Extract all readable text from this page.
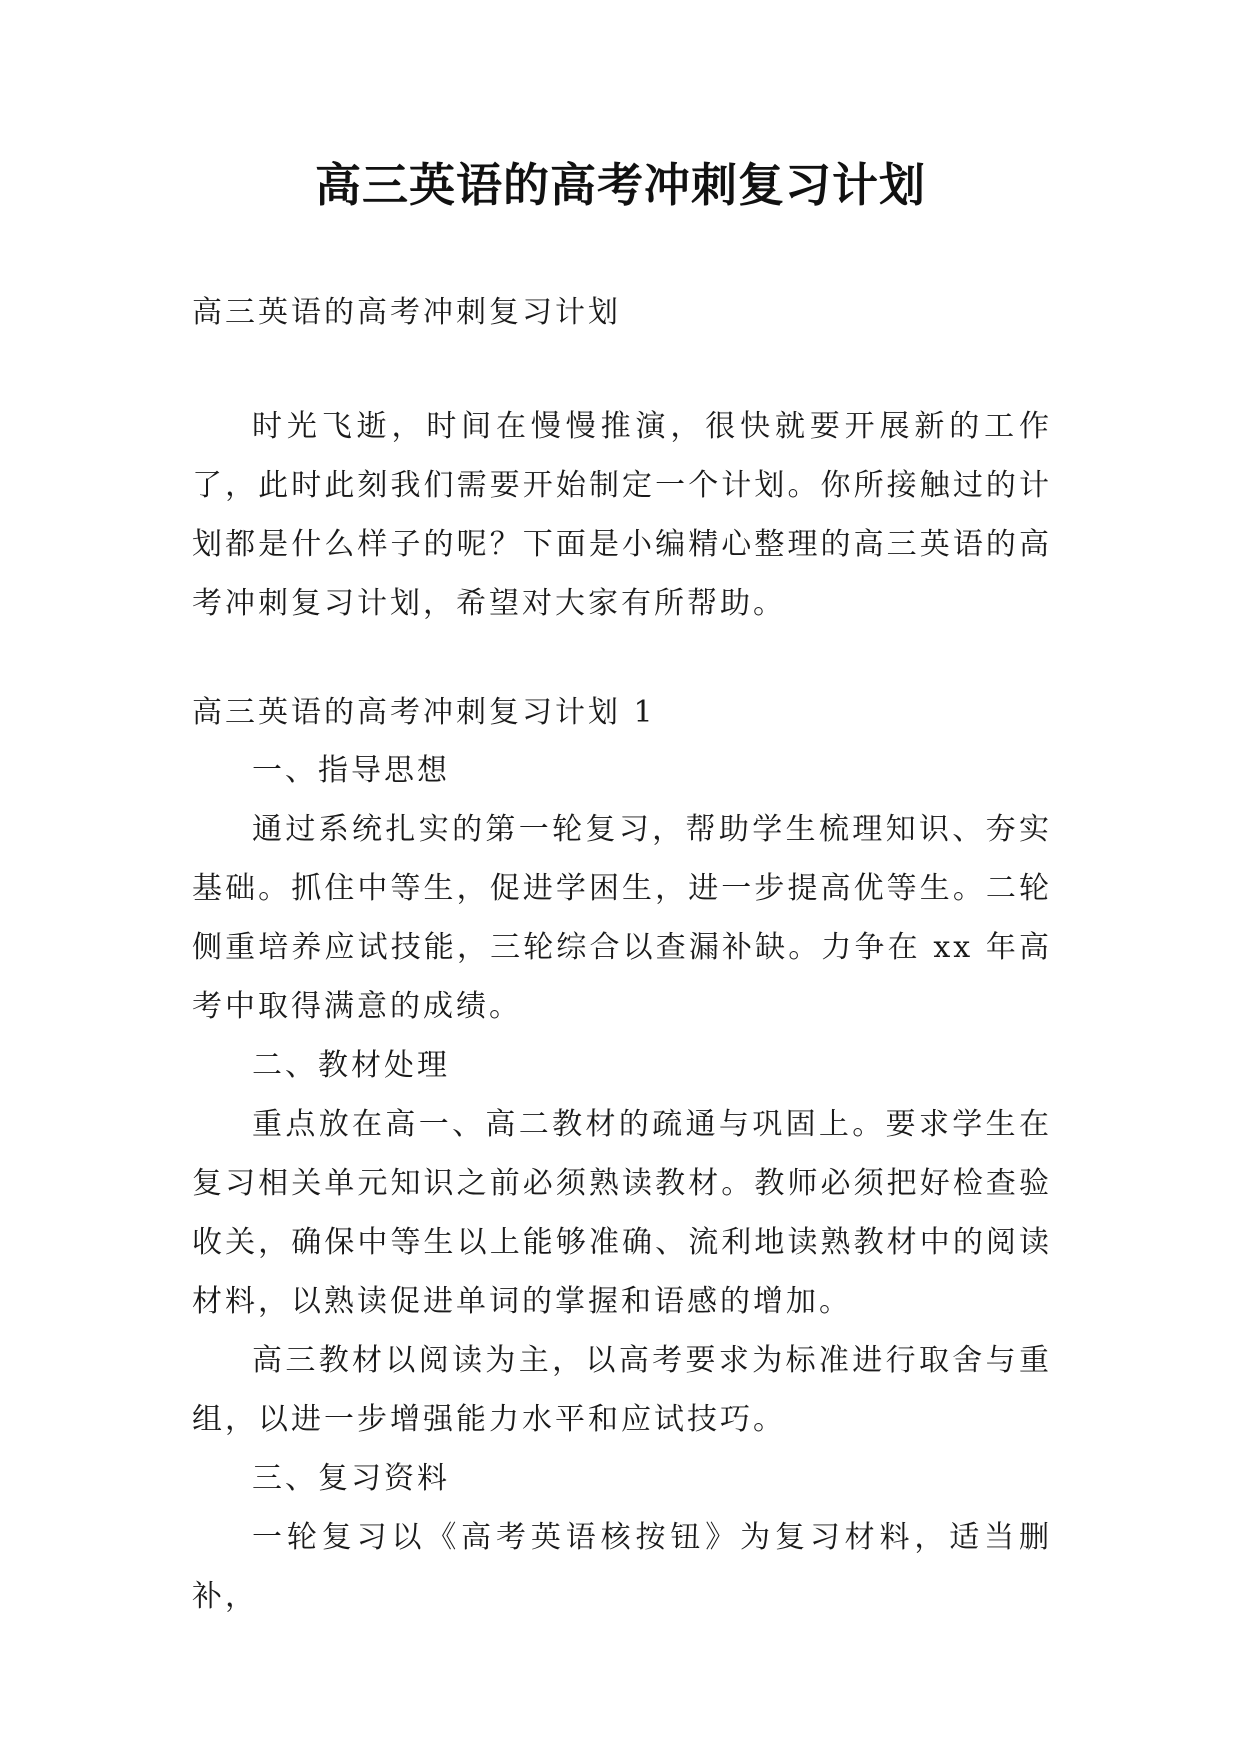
高三英语的高考冲刺复习计划

高三英语的高考冲刺复习计划

时光飞逝，时间在慢慢推演，很快就要开展新的工作了，此时此刻我们需要开始制定一个计划。你所接触过的计划都是什么样子的呢？下面是小编精心整理的高三英语的高考冲刺复习计划，希望对大家有所帮助。

高三英语的高考冲刺复习计划 1

一、指导思想

通过系统扎实的第一轮复习，帮助学生梳理知识、夯实基础。抓住中等生，促进学困生，进一步提高优等生。二轮侧重培养应试技能，三轮综合以查漏补缺。力争在 xx 年高考中取得满意的成绩。

二、教材处理

重点放在高一、高二教材的疏通与巩固上。要求学生在复习相关单元知识之前必须熟读教材。教师必须把好检查验收关，确保中等生以上能够准确、流利地读熟教材中的阅读材料，以熟读促进单词的掌握和语感的增加。

高三教材以阅读为主，以高考要求为标准进行取舍与重组，以进一步增强能力水平和应试技巧。

三、复习资料

一轮复习以《高考英语核按钮》为复习材料，适当删补，
